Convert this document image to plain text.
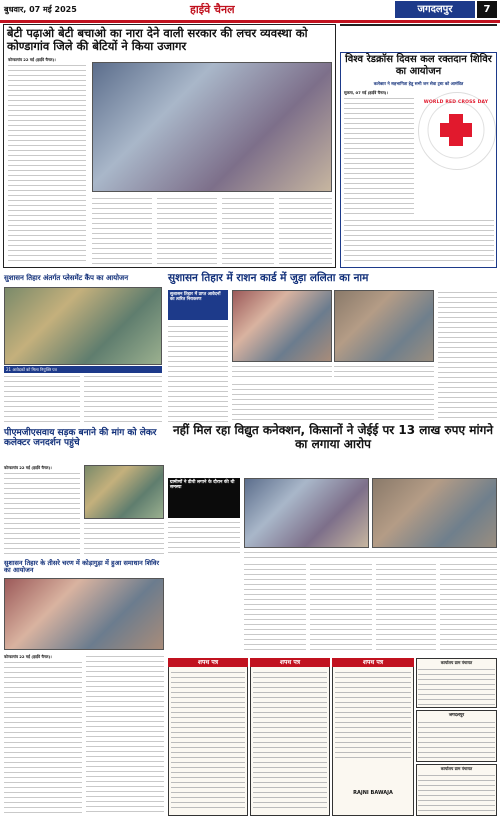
बुधवार, 07 मई 2025	हाईवे चैनल	जगदलपुर	7
बेटी पढ़ाओ बेटी बचाओ का नारा देने वाली सरकार की लचर व्यवस्था को कोण्डागांव जिले की बेटियों ने किया उजागर
कोण्डागांव 22 मई (हाईवे चैनल)।
	विश्व रेडक्रॉस दिवस कल रक्तदान शिविर का आयोजन
कलेक्टर ने सहभागिता हेतु सभी जन सेवा ट्रस्ट को आमंत्रित
सुकमा, 07 मई (हाईवे चैनल)।
WORLD RED CROSS DAY
सुशासन तिहार अंतर्गत प्लेसमेंट कैंप का आयोजन
21 आवेदकों को मिला नियुक्ति पत्र
सुशासन तिहार में राशन कार्ड में जुड़ा ललिता का नाम
सुशासन तिहार में प्राप्त आवेदनों का त्वरित निराकरण
नहीं मिल रहा विद्युत कनेक्शन, किसानों ने जेईई पर 13 लाख रुपए मांगने का लगाया आरोप
पीएमजीएसवाय सड़क बनाने की मांग को लेकर कलेक्टर जनदर्शन पहुंचे
कोण्डागांव 22 मई (हाईवे चैनल)।
ग्रामीणों ने डीपी लगाने के दौरान की थी समस्या
सुशासन तिहार के तीसरे चरण में कोड़ागुड़ा में हुआ समाधान शिविर का आयोजन
कोण्डागांव 22 मई (हाईवे चैनल)।
शपथ पत्र	शपथ पत्र	शपथ पत्र
RAJNI BAWAJA
कार्यालय ग्राम पंचायत
जगदलपुर
कार्यालय ग्राम पंचायत
